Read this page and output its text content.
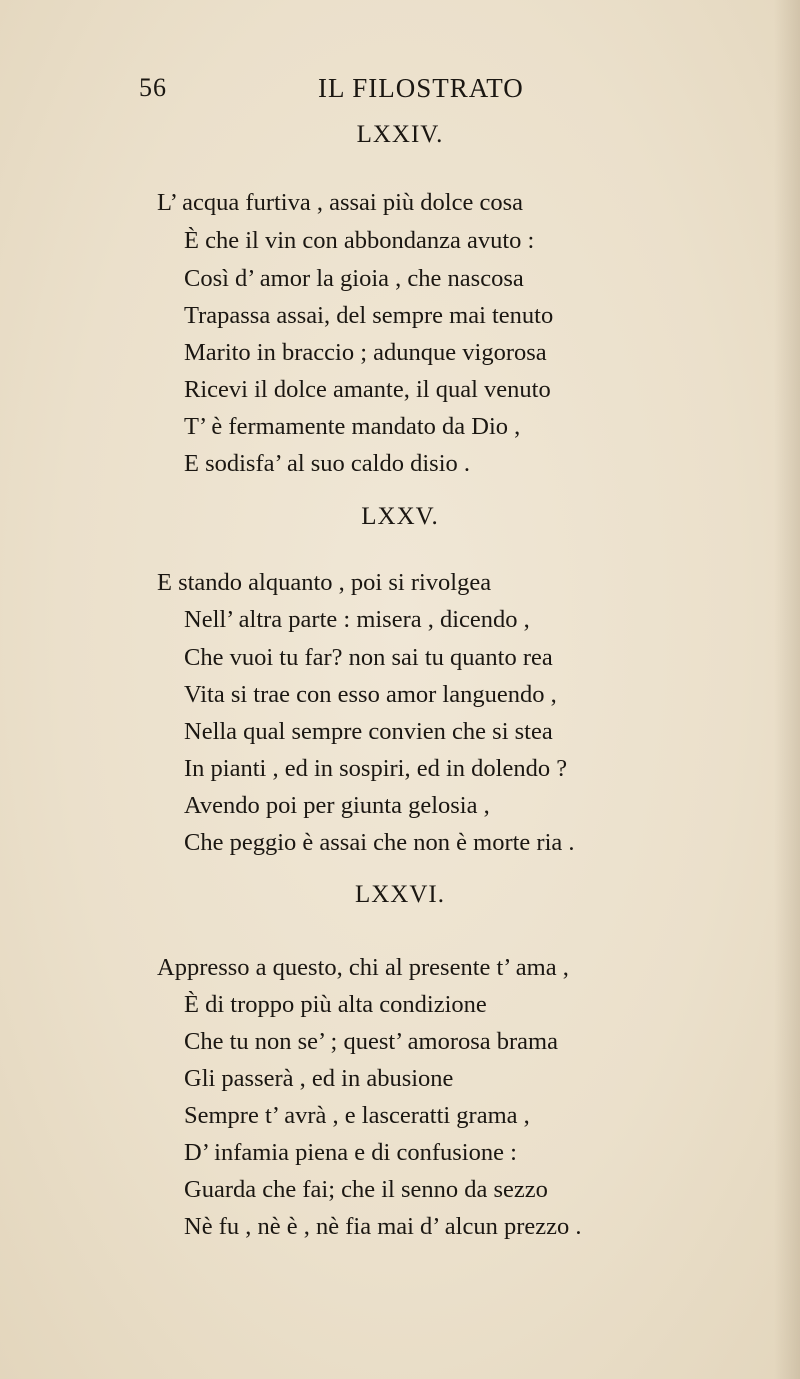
56	IL FILOSTRATO
LXXIV.
L’ acqua furtiva , assai più dolce cosa
È che il vin con abbondanza avuto :
Così d’ amor la gioia , che nascosa
Trapassa assai, del sempre mai tenuto
Marito in braccio ; adunque vigorosa
Ricevi il dolce amante, il qual venuto
T’ è fermamente mandato da Dio ,
E sodisfa’ al suo caldo disio .
LXXV.
E stando alquanto , poi si rivolgea
Nell’ altra parte : misera , dicendo ,
Che vuoi tu far? non sai tu quanto rea
Vita si trae con esso amor languendo ,
Nella qual sempre convien che si stea
In pianti , ed in sospiri, ed in dolendo ?
Avendo poi per giunta gelosia ,
Che peggio è assai che non è morte ria .
LXXVI.
Appresso a questo, chi al presente t’ ama ,
È di troppo più alta condizione
Che tu non se’ ; quest’ amorosa brama
Gli passerà , ed in abusione
Sempre t’ avrà , e lasceratti grama ,
D’ infamia piena e di confusione :
Guarda che fai; che il senno da sezzo
Nè fu , nè è , nè fia mai d’ alcun prezzo .
